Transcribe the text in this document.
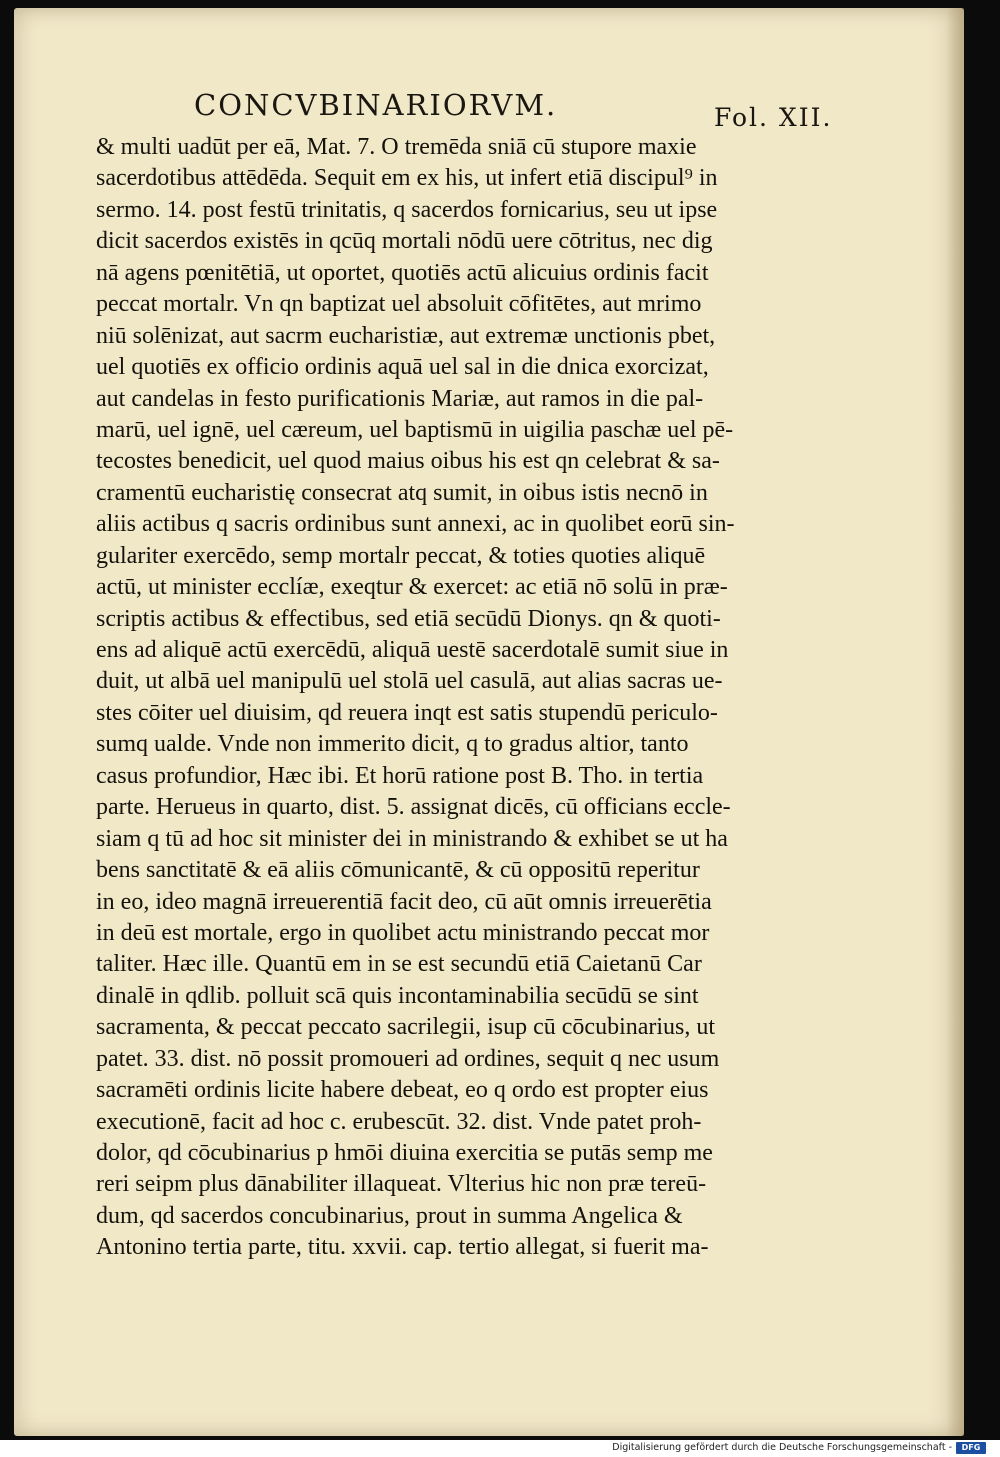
CONCVBINARIORVM.	Fol. XII.
& multi uadūt per eā, Mat. 7. O tremēda sniā cū stupore maxie
sacerdotibus attēdēda. Sequit em ex his, ut infert etiā discipul⁹ in
sermo. 14. post festū trinitatis, q sacerdos fornicarius, seu ut ipse
dicit sacerdos existēs in qcūq mortali nōdū uere cōtritus, nec dig
nā agens pœnitētiā, ut oportet, quotiēs actū alicuius ordinis facit
peccat mortalr. Vn qn baptizat uel absoluit cōfitētes, aut mrimo
niū solēnizat, aut sacrm eucharistiæ, aut extremæ unctionis pbet,
uel quotiēs ex officio ordinis aquā uel sal in die dnica exorcizat,
aut candelas in festo purificationis Mariæ, aut ramos in die pal-
marū, uel ignē, uel cæreum, uel baptismū in uigilia paschæ uel pē-
tecostes benedicit, uel quod maius oibus his est qn celebrat & sa-
cramentū eucharistię consecrat atq sumit, in oibus istis necnō in
aliis actibus q sacris ordinibus sunt annexi, ac in quolibet eorū sin-
gulariter exercēdo, semp mortalr peccat, & toties quoties aliquē
actū, ut minister ecclíæ, exeqtur & exercet: ac etiā nō solū in præ-
scriptis actibus & effectibus, sed etiā secūdū Dionys. qn & quoti-
ens ad aliquē actū exercēdū, aliquā uestē sacerdotalē sumit siue in
duit, ut albā uel manipulū uel stolā uel casulā, aut alias sacras ue-
stes cōiter uel diuisim, qd reuera inqt est satis stupendū periculo-
sumq ualde. Vnde non immerito dicit, q to gradus altior, tanto
casus profundior, Hæc ibi. Et horū ratione post B. Tho. in tertia
parte. Herueus in quarto, dist. 5. assignat dicēs, cū officians eccle-
siam q tū ad hoc sit minister dei in ministrando & exhibet se ut ha
bens sanctitatē & eā aliis cōmunicantē, & cū oppositū reperitur
in eo, ideo magnā irreuerentiā facit deo, cū aūt omnis irreuerētia
in deū est mortale, ergo in quolibet actu ministrando peccat mor
taliter. Hæc ille. Quantū em in se est secundū etiā Caietanū Car
dinalē in qdlib. polluit scā quis incontaminabilia secūdū se sint
sacramenta, & peccat peccato sacrilegii, isup cū cōcubinarius, ut
patet. 33. dist. nō possit promoueri ad ordines, sequit q nec usum
sacramēti ordinis licite habere debeat, eo q ordo est propter eius
executionē, facit ad hoc c. erubescūt. 32. dist. Vnde patet proh-
dolor, qd cōcubinarius p hmōi diuina exercitia se putās semp me
reri seipm plus dānabiliter illaqueat. Vlterius hic non præ tereū-
dum, qd sacerdos concubinarius, prout in summa Angelica &
Antonino tertia parte, titu. xxvii. cap. tertio allegat, si fuerit ma-
Digitalisierung gefördert durch die Deutsche Forschungsgemeinschaft -	DFG
